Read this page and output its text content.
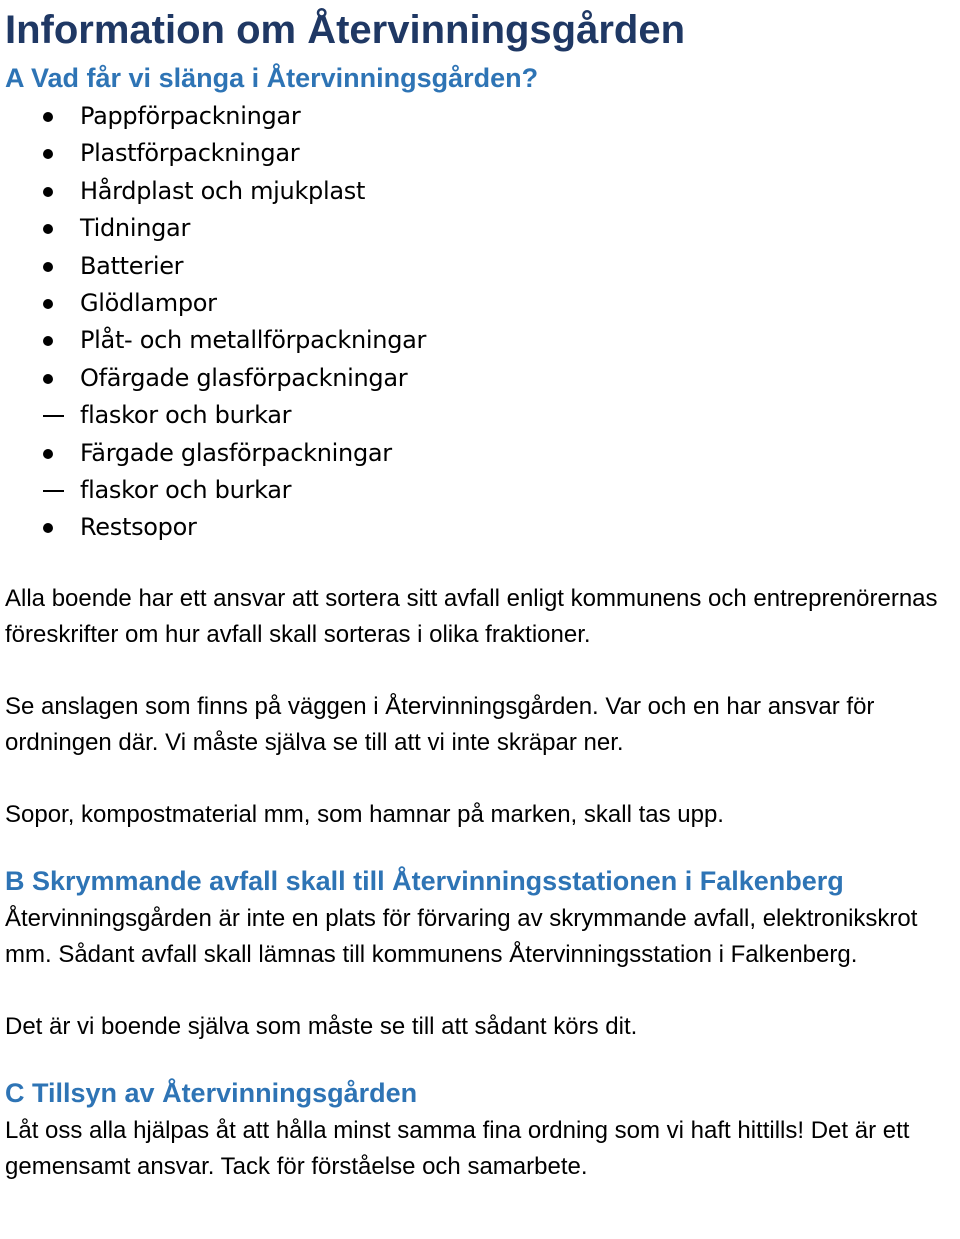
Information om Återvinningsgården
A Vad får vi slänga i Återvinningsgården?
Pappförpackningar
Plastförpackningar
Hårdplast och mjukplast
Tidningar
Batterier
Glödlampor
Plåt- och metallförpackningar
Ofärgade glasförpackningar
flaskor och burkar
Färgade glasförpackningar
flaskor och burkar
Restsopor

Alla boende har ett ansvar att sortera sitt avfall enligt kommunens och entreprenörernas föreskrifter om hur avfall skall sorteras i olika fraktioner.

Se anslagen som finns på väggen i Återvinningsgården. Var och en har ansvar för ordningen där. Vi måste själva se till att vi inte skräpar ner.

Sopor, kompostmaterial mm, som hamnar på marken, skall tas upp.

B Skrymmande avfall skall till Återvinningsstationen i Falkenberg

Återvinningsgården är inte en plats för förvaring av skrymmande avfall, elektronikskrot mm. Sådant avfall skall lämnas till kommunens Återvinningsstation i Falkenberg.

Det är vi boende själva som måste se till att sådant körs dit.

C Tillsyn av Återvinningsgården

Låt oss alla hjälpas åt att hålla minst samma fina ordning som vi haft hittills! Det är ett gemensamt ansvar. Tack för förståelse och samarbete.
